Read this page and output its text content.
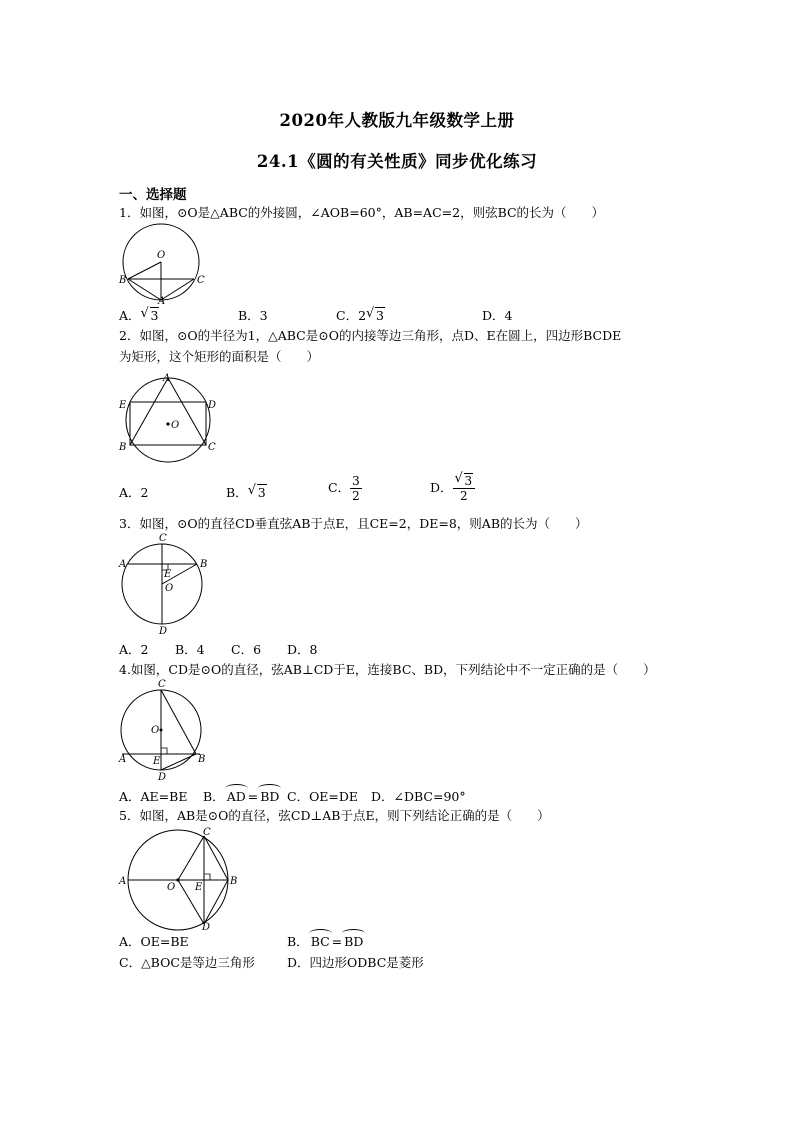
2020年人教版九年级数学上册
24.1《圆的有关性质》同步优化练习
一、选择题
1．如图，⊙O是△ABC的外接圆，∠AOB=60°，AB=AC=2，则弦BC的长为（　　）
O
B	C
A
A． √ 3	B．3	C．2 √ 3	D．4
2．如图，⊙O的半径为1，△ABC是⊙O的内接等边三角形，点D、E在圆上，四边形BCDE
为矩形，这个矩形的面积是（　　）
A
E	D
O
B	C
A．2	B． √ 3	C． $\frac{3}{2}$	D． $\frac{√ 3}{2}$
3．如图，⊙O的直径CD垂直弦AB于点E，且CE=2，DE=8，则AB的长为（　　）
C
A	B
E
O
D
A．2 B．4 C．6 D．8
4.如图，CD是⊙O的直径，弦AB⊥CD于E，连接BC、BD，下列结论中不一定正确的是（　　）
C
O
A	E	B
D
A．AE=BE B． AD = BD C．OE=DE D．∠DBC=90°
5．如图，AB是⊙O的直径，弦CD⊥AB于点E，则下列结论正确的是（　　）
C
A
O E
B
D
A．OE=BE	B． BC = BD
C．△BOC是等边三角形	D．四边形ODBC是菱形
